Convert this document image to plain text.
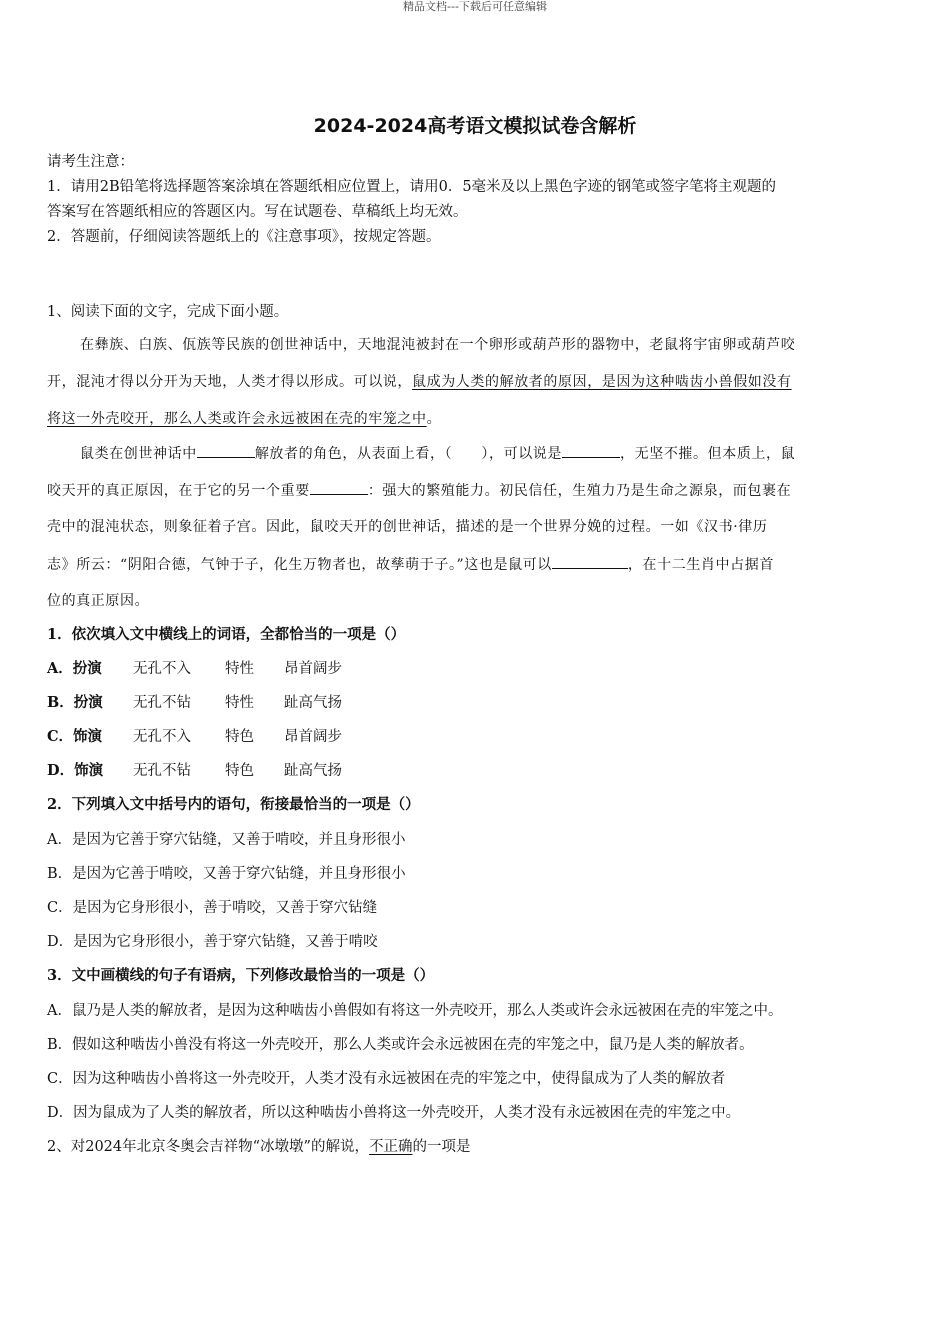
精品文档---下载后可任意编辑
2024-2024高考语文模拟试卷含解析
请考生注意：
1．请用2B铅笔将选择题答案涂填在答题纸相应位置上，请用0．5毫米及以上黑色字迹的钢笔或签字笔将主观题的
答案写在答题纸相应的答题区内。写在试题卷、草稿纸上均无效。
2．答题前，仔细阅读答题纸上的《注意事项》，按规定答题。
1、阅读下面的文字，完成下面小题。
在彝族、白族、佤族等民族的创世神话中，天地混沌被封在一个卵形或葫芦形的器物中，老鼠将宇宙卵或葫芦咬
开，混沌才得以分开为天地，人类才得以形成。可以说，鼠成为人类的解放者的原因，是因为这种啮齿小兽假如没有
将这一外壳咬开，那么人类或许会永远被困在壳的牢笼之中。
鼠类在创世神话中	解放者的角色，从表面上看，（　　），可以说是	，无坚不摧。但本质上，鼠
咬天开的真正原因，在于它的另一个重要	：强大的繁殖能力。初民信任，生殖力乃是生命之源泉，而包裹在
壳中的混沌状态，则象征着子宫。因此，鼠咬天开的创世神话，描述的是一个世界分娩的过程。一如《汉书·律历
志》所云：“阴阳合德，气钟于子，化生万物者也，故孳萌于子。”这也是鼠可以	，在十二生肖中占据首
位的真正原因。
1．依次填入文中横线上的词语，全都恰当的一项是（）
A．扮演 无孔不入 特性 昂首阔步
B．扮演 无孔不钻 特性 趾高气扬
C．饰演 无孔不入 特色 昂首阔步
D．饰演 无孔不钻 特色 趾高气扬
2．下列填入文中括号内的语句，衔接最恰当的一项是（）
A．是因为它善于穿穴钻缝，又善于啃咬，并且身形很小
B．是因为它善于啃咬，又善于穿穴钻缝，并且身形很小
C．是因为它身形很小，善于啃咬，又善于穿穴钻缝
D．是因为它身形很小，善于穿穴钻缝，又善于啃咬
3．文中画横线的句子有语病，下列修改最恰当的一项是（）
A．鼠乃是人类的解放者，是因为这种啮齿小兽假如有将这一外壳咬开，那么人类或许会永远被困在壳的牢笼之中。
B．假如这种啮齿小兽没有将这一外壳咬开，那么人类或许会永远被困在壳的牢笼之中，鼠乃是人类的解放者。
C．因为这种啮齿小兽将这一外壳咬开，人类才没有永远被困在壳的牢笼之中，使得鼠成为了人类的解放者
D．因为鼠成为了人类的解放者，所以这种啮齿小兽将这一外壳咬开，人类才没有永远被困在壳的牢笼之中。
2、对2024年北京冬奥会吉祥物“冰墩墩”的解说，不正确的一项是
